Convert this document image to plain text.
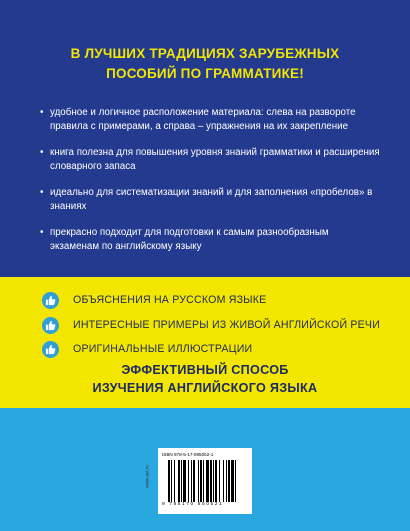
В ЛУЧШИХ ТРАДИЦИЯХ ЗАРУБЕЖНЫХ
ПОСОБИЙ ПО ГРАММАТИКЕ!
• удобное и логичное расположение материала: слева на развороте правила с примерами, а справа – упражнения на их закрепление
• книга полезна для повышения уровня знаний грамматики и расширения словарного запаса
• идеально для систематизации знаний и для заполнения «пробелов» в знаниях
• прекрасно подходит для подготовки к самым разнообразным экзаменам по английскому языку
ОБЪЯСНЕНИЯ НА РУССКОМ ЯЗЫКЕ
ИНТЕРЕСНЫЕ ПРИМЕРЫ ИЗ ЖИВОЙ АНГЛИЙСКОЙ РЕЧИ
ОРИГИНАЛЬНЫЕ ИЛЛЮСТРАЦИИ
ЭФФЕКТИВНЫЙ СПОСОБ
ИЗУЧЕНИЯ АНГЛИЙСКОГО ЯЗЫКА
ISBN 978-5-17-085052-1
9 785170 850521
www.ast.ru
